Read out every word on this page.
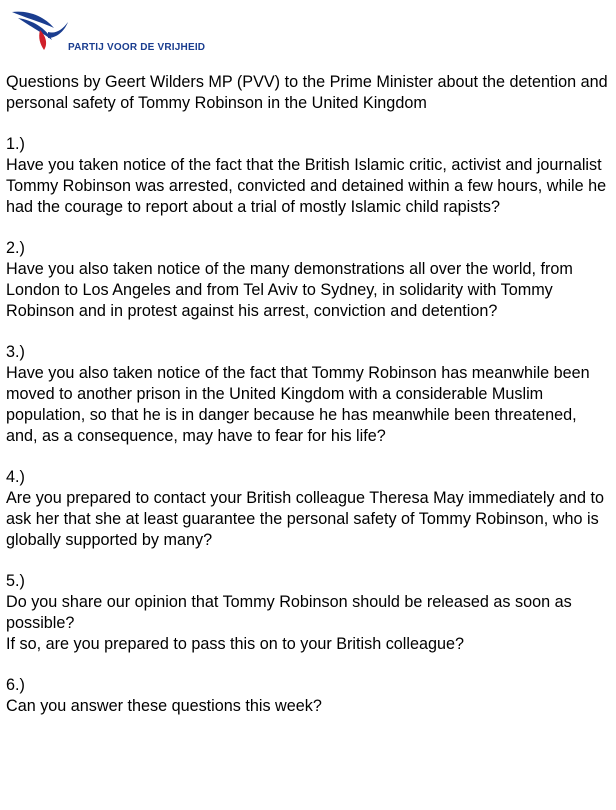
PARTIJ VOOR DE VRIJHEID
Questions by Geert Wilders MP (PVV) to the Prime Minister about the detention and personal safety of Tommy Robinson in the United Kingdom
1.)
Have you taken notice of the fact that the British Islamic critic, activist and journalist Tommy Robinson was arrested, convicted and detained within a few hours, while he had the courage to report about a trial of mostly Islamic child rapists?
2.)
Have you also taken notice of the many demonstrations all over the world, from London to Los Angeles and from Tel Aviv to Sydney, in solidarity with Tommy Robinson and in protest against his arrest, conviction and detention?
3.)
Have you also taken notice of the fact that Tommy Robinson has meanwhile been moved to another prison in the United Kingdom with a considerable Muslim population, so that he is in danger because he has meanwhile been threatened, and, as a consequence, may have to fear for his life?
4.)
Are you prepared to contact your British colleague Theresa May immediately and to ask her that she at least guarantee the personal safety of Tommy Robinson, who is globally supported by many?
5.)
Do you share our opinion that Tommy Robinson should be released as soon as possible?
If so, are you prepared to pass this on to your British colleague?
6.)
Can you answer these questions this week?
